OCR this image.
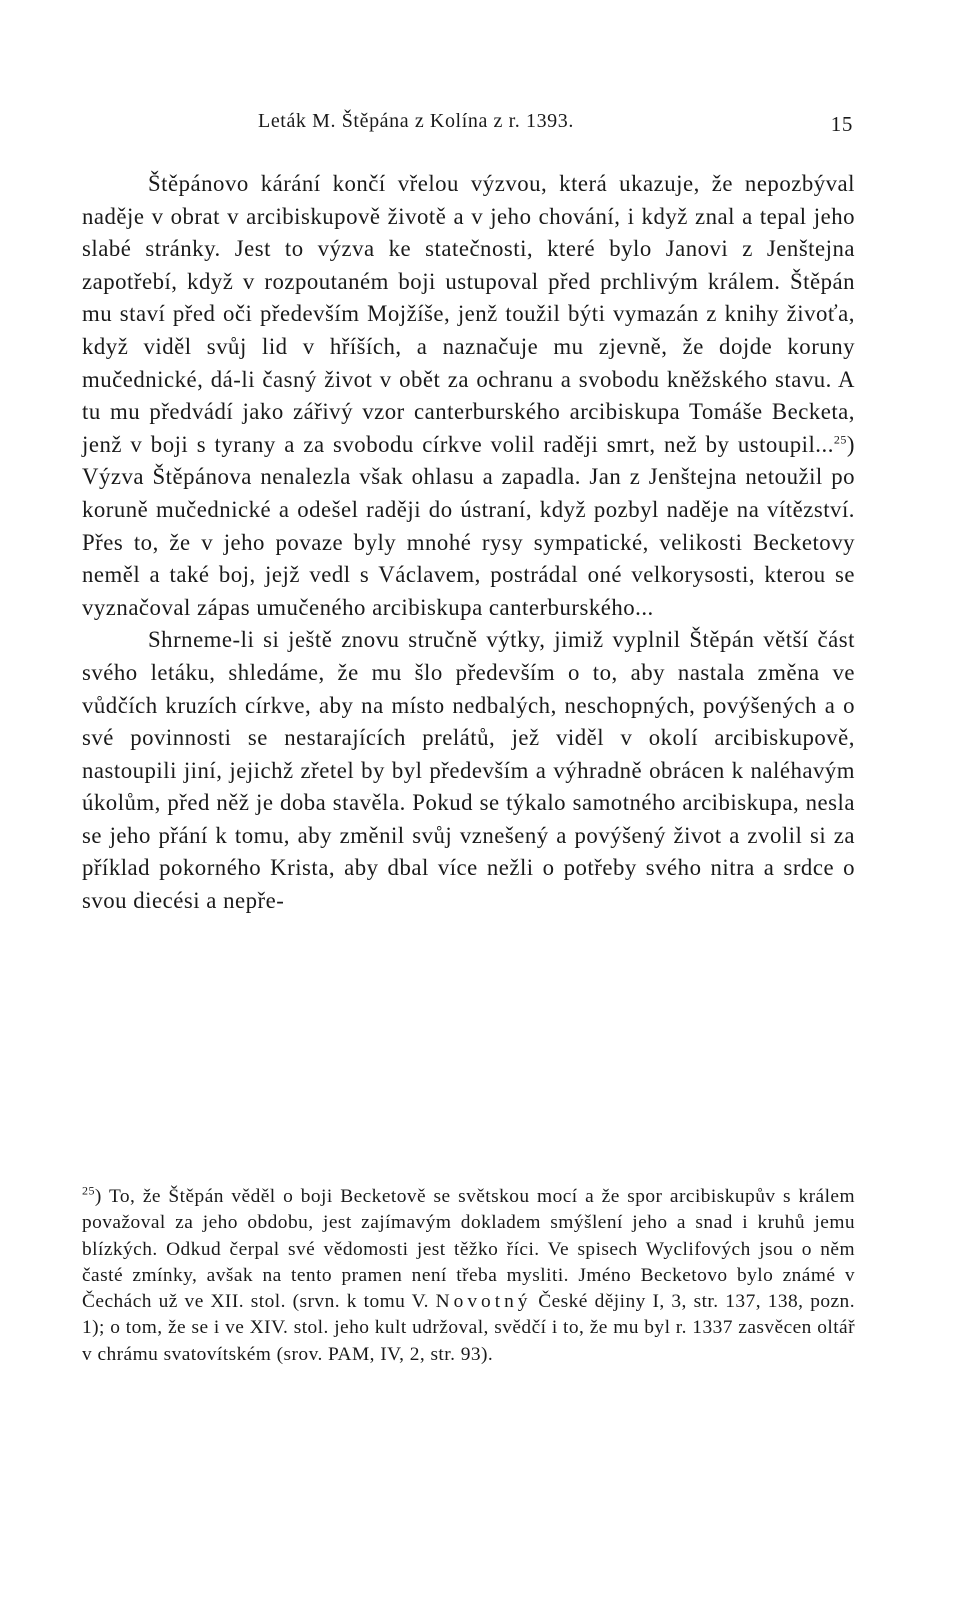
Leták M. Štěpána z Kolína z r. 1393.	15

Štěpánovo kárání končí vřelou výzvou, která ukazuje, že nepozbýval naděje v obrat v arcibiskupově životě a v jeho chování, i když znal a tepal jeho slabé stránky. Jest to výzva ke statečnosti, které bylo Janovi z Jenštejna zapotřebí, když v rozpoutaném boji ustupoval před prchlivým králem. Štěpán mu staví před oči především Mojžíše, jenž toužil býti vymazán z knihy živoťa, když viděl svůj lid v hříších, a naznačuje mu zjevně, že dojde koruny mučednické, dá-li časný život v obět za ochranu a svobodu kněžského stavu. A tu mu předvádí jako zářivý vzor canterburského arcibiskupa Tomáše Becketa, jenž v boji s tyrany a za svobodu církve volil raději smrt, než by ustoupil...$^{25}$) Výzva Štěpánova nenalezla však ohlasu a zapadla. Jan z Jenštejna netoužil po koruně mučednické a odešel raději do ústraní, když pozbyl naděje na vítězství. Přes to, že v jeho povaze byly mnohé rysy sympatické, velikosti Becketovy neměl a také boj, jejž vedl s Václavem, postrádal oné velkorysosti, kterou se vyznačoval zápas umučeného arcibiskupa canterburského...

Shrneme-li si ještě znovu stručně výtky, jimiž vyplnil Štěpán větší část svého letáku, shledáme, že mu šlo především o to, aby nastala změna ve vůdčích kruzích církve, aby na místo nedbalých, neschopných, povýšených a o své povinnosti se nestarajících prelátů, jež viděl v okolí arcibiskupově, nastoupili jiní, jejichž zřetel by byl především a výhradně obrácen k naléhavým úkolům, před něž je doba stavěla. Pokud se týkalo samotného arcibiskupa, nesla se jeho přání k tomu, aby změnil svůj vznešený a povýšený život a zvolil si za příklad pokorného Krista, aby dbal více nežli o potřeby svého nitra a srdce o svou diecési a nepře-

$^{25}$) To, že Štěpán věděl o boji Becketově se světskou mocí a že spor arcibiskupův s králem považoval za jeho obdobu, jest zajímavým dokladem smýšlení jeho a snad i kruhů jemu blízkých. Odkud čerpal své vědomosti jest těžko říci. Ve spisech Wyclifových jsou o něm časté zmínky, avšak na tento pramen není třeba mysliti. Jméno Becketovo bylo známé v Čechách už ve XII. stol. (srvn. k tomu V. Novotný České dějiny I, 3, str. 137, 138, pozn. 1); o tom, že se i ve XIV. stol. jeho kult udržoval, svědčí i to, že mu byl r. 1337 zasvěcen oltář v chrámu svatovítském (srov. PAM, IV, 2, str. 93).
